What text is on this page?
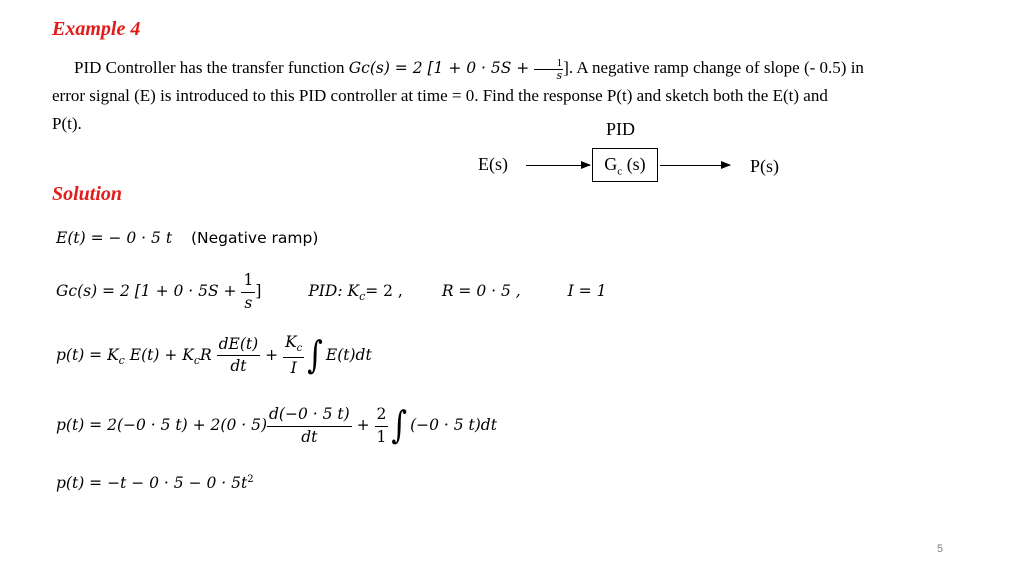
Example 4
PID Controller has the transfer function Gc(s) = 2 [$1 + 0 \cdot 5S + \frac{1}{s}$ ]. A negative ramp change of slope (- 0.5) in
error signal (E) is introduced to this PID controller at time = 0. Find the response P(t) and sketch both the E(t) and
P(t).	PID
E(s)	$G_c$ (s)	P(s)
Solution
E(t) = − 0 · 5 t (Negative ramp)
Gc(s) = 2 [$1 + 0 \cdot 5S + \frac{1}{s}$ ]	PID: $K_c= 2$ ,	R = 0 · 5 ,	I = 1
$p(t) = K_c$ $E(t) + K_cR \frac{dE(t)}{dt} + \frac{K_c}{I}$ ∫ E(t)dt
p(t) = 2(−0 · 5 $t) + 2(0 \cdot 5) \frac{d(-0 \cdot 5 t)}{dt} + \frac{2}{1}$ ∫ (−0 · 5 t)dt
$p(t) = -t - 0 \cdot 5 - 0 \cdot 5t^2$
5
